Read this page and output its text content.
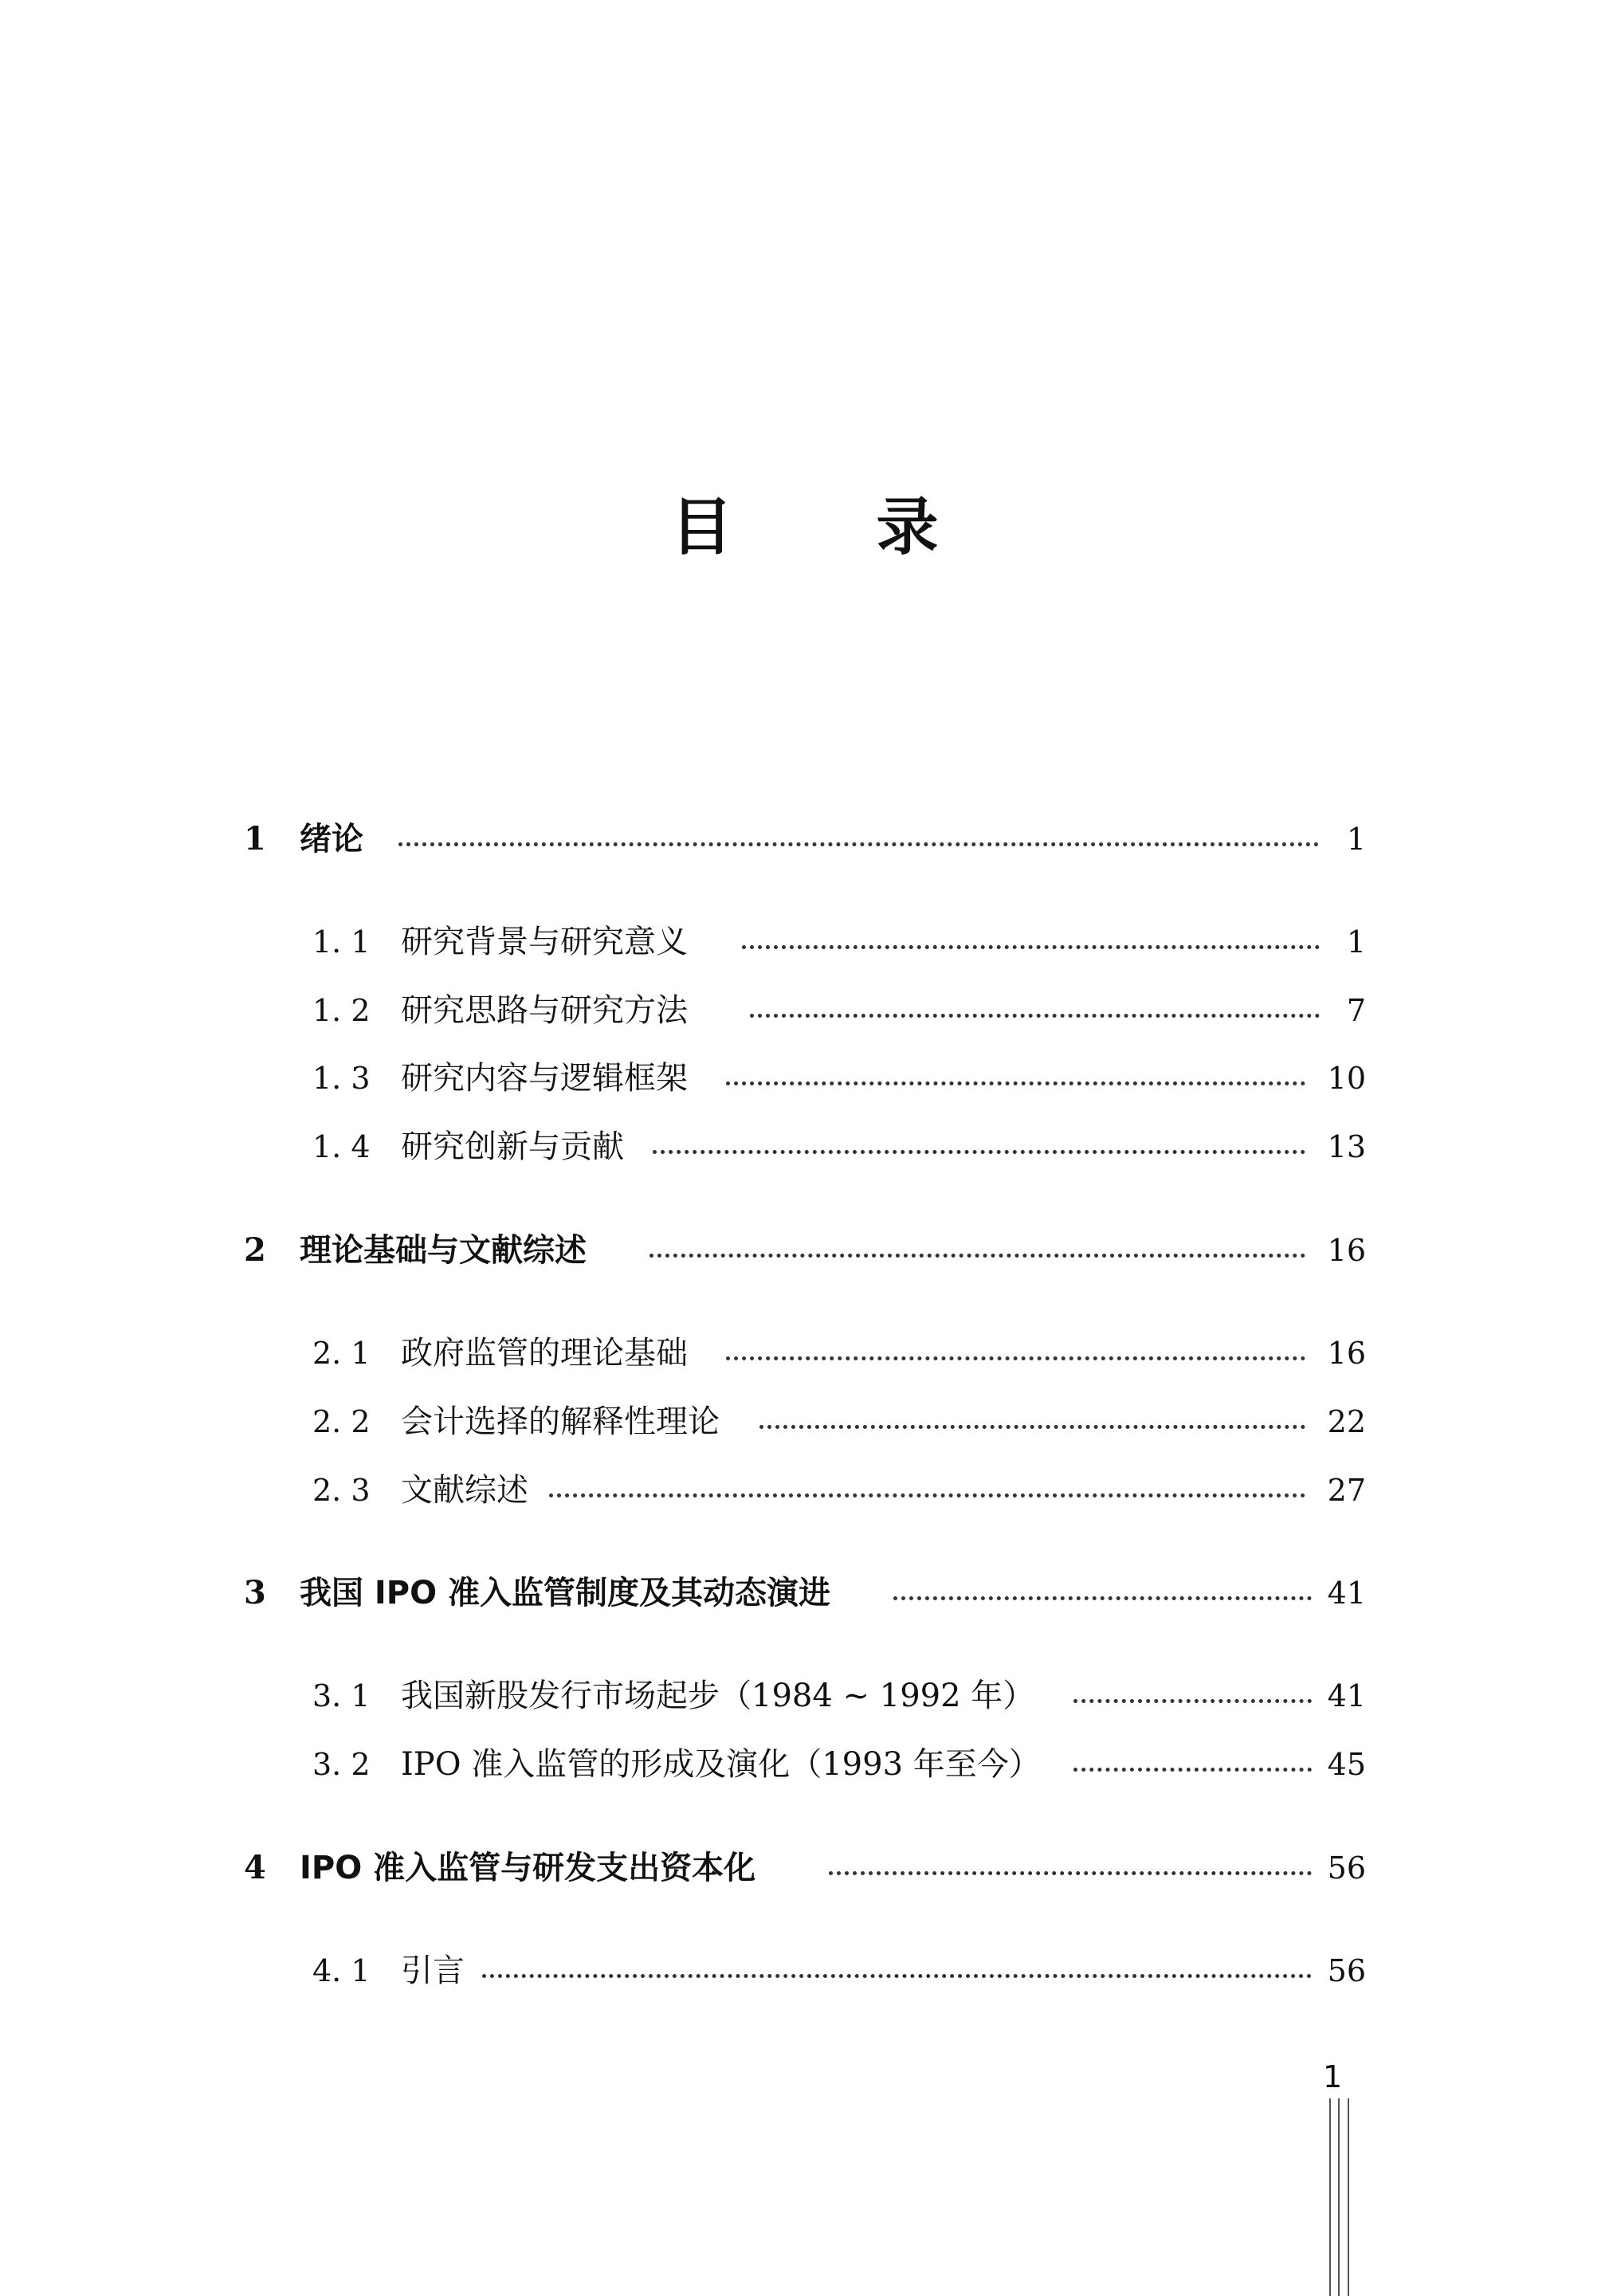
目 录
1 绪论	1
1. 1 研究背景与研究意义	1
1. 2 研究思路与研究方法	7
1. 3 研究内容与逻辑框架	10
1. 4 研究创新与贡献	13
2 理论基础与文献综述	16
2. 1 政府监管的理论基础	16
2. 2 会计选择的解释性理论	22
2. 3 文献综述	27
3 我国 IPO 准入监管制度及其动态演进	41
3. 1 我国新股发行市场起步（1984 ~ 1992 年）	41
3. 2 IPO 准入监管的形成及演化（1993 年至今）	45
4 IPO 准入监管与研发支出资本化	56
4. 1 引言	56
1
